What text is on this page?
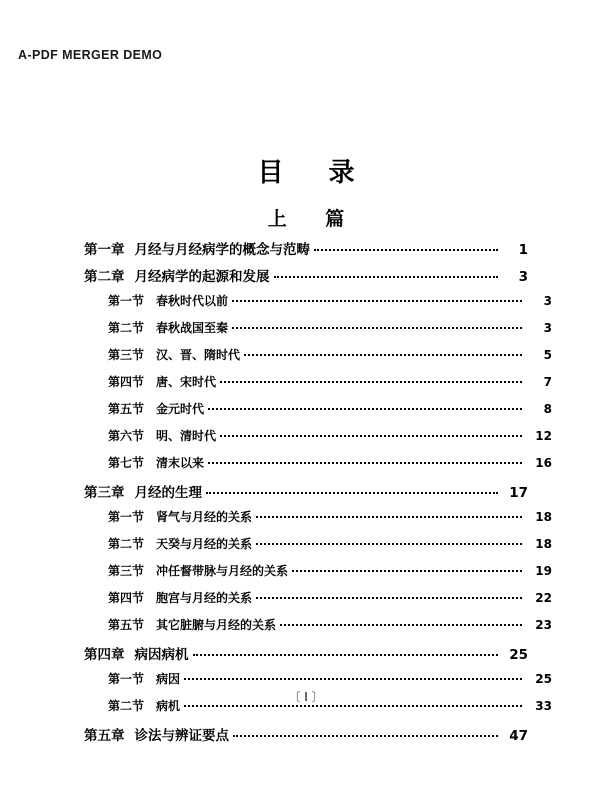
A-PDF MERGER DEMO
目 录
上 篇
第一章 月经与月经病学的概念与范畴	1
第二章 月经病学的起源和发展	3
第一节 春秋时代以前	3
第二节 春秋战国至秦	3
第三节 汉、晋、隋时代	5
第四节 唐、宋时代	7
第五节 金元时代	8
第六节 明、清时代	12
第七节 清末以来	16
第三章 月经的生理	17
第一节 肾气与月经的关系	18
第二节 天癸与月经的关系	18
第三节 冲任督带脉与月经的关系	19
第四节 胞宫与月经的关系	22
第五节 其它脏腑与月经的关系	23
第四章 病因病机	25
第一节 病因	25
第二节 病机	33
第五章 诊法与辨证要点	47
〔 I 〕
